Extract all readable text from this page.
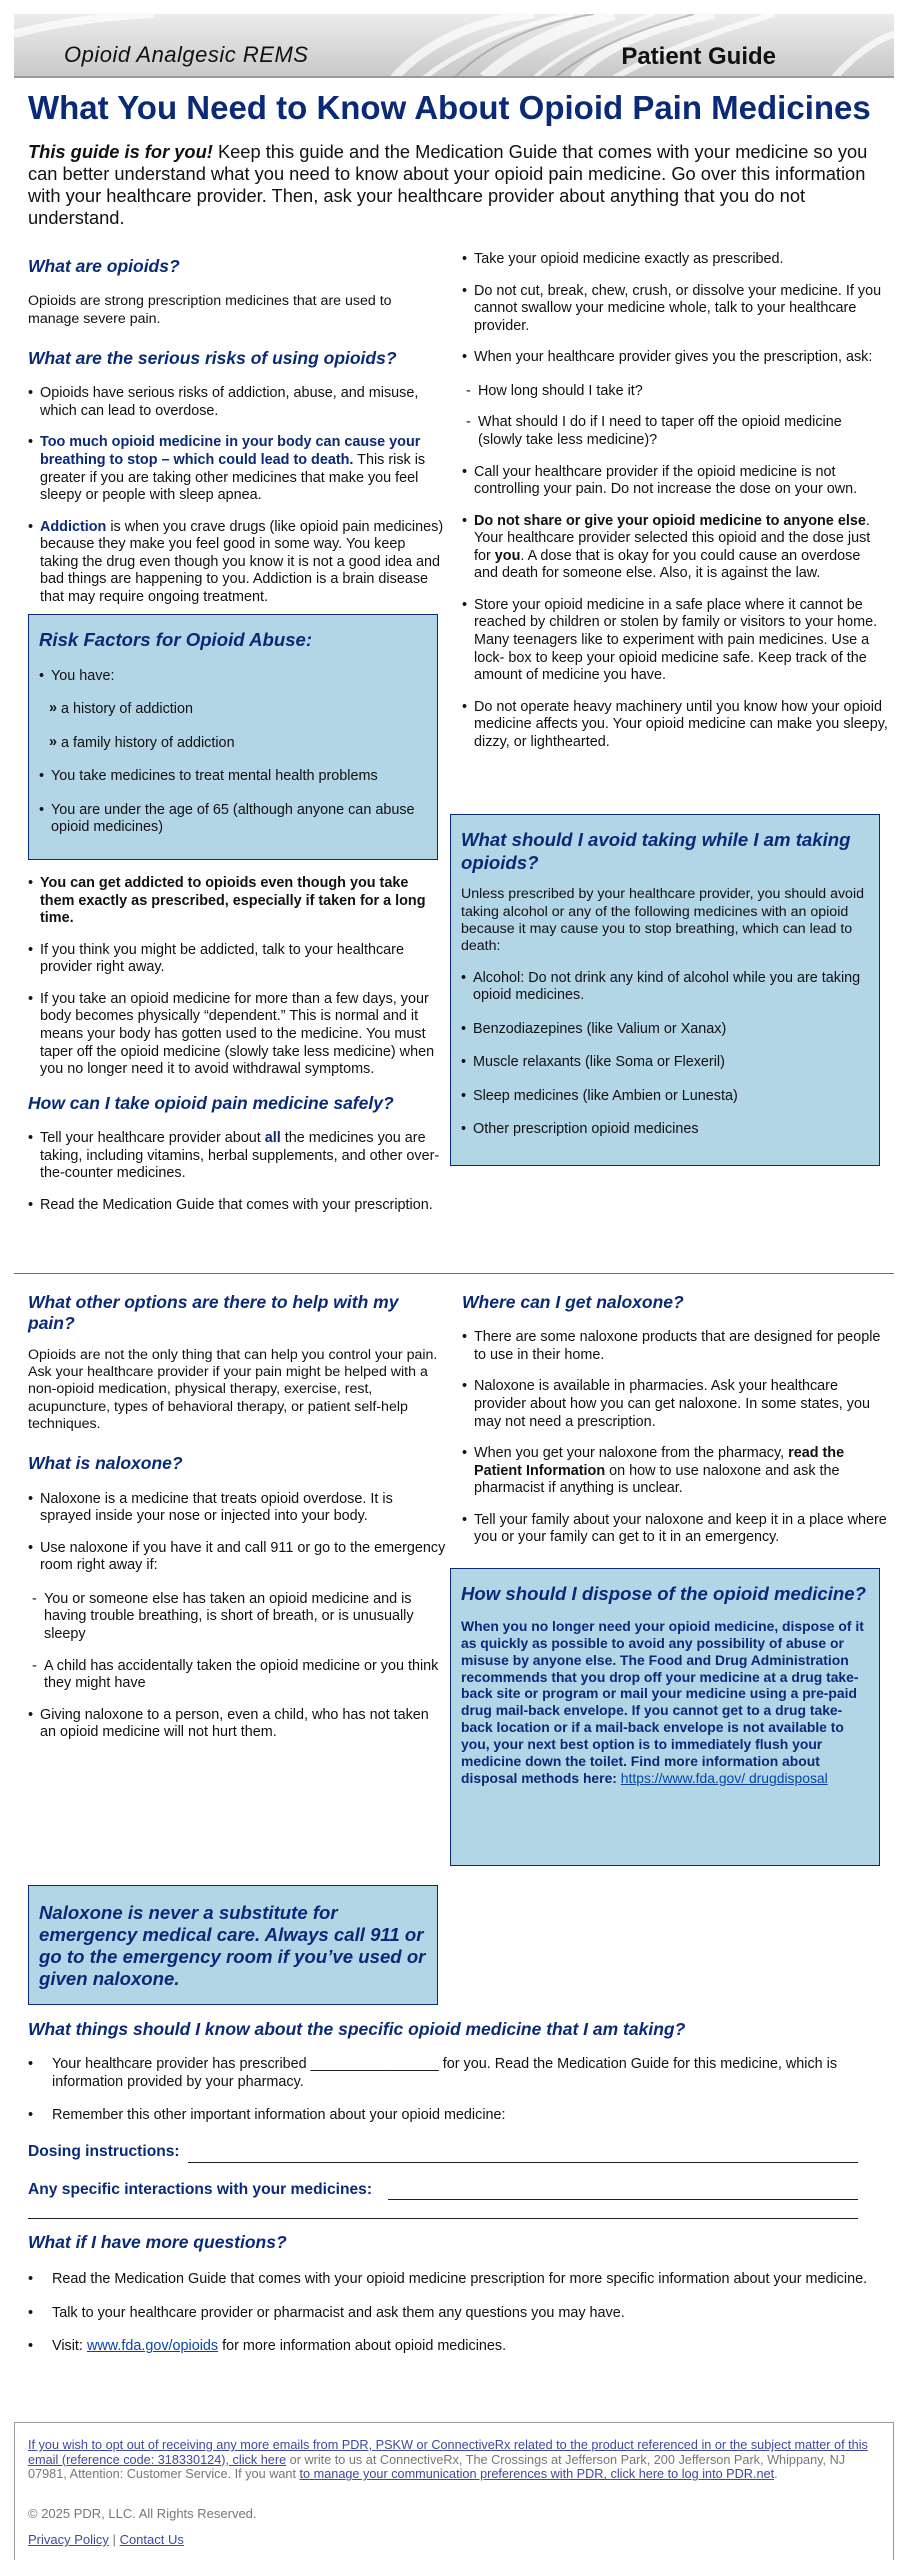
Opioid Analgesic REMS	Patient Guide
What You Need to Know About Opioid Pain Medicines
This guide is for you! Keep this guide and the Medication Guide that comes with your medicine so you can better understand what you need to know about your opioid pain medicine. Go over this information with your healthcare provider. Then, ask your healthcare provider about anything that you do not understand.
What are opioids?

Opioids are strong prescription medicines that are used to manage severe pain.

What are the serious risks of using opioids?
• Opioids have serious risks of addiction, abuse, and misuse, which can lead to overdose.
• Too much opioid medicine in your body can cause your breathing to stop – which could lead to death. This risk is greater if you are taking other medicines that make you feel sleepy or people with sleep apnea.
• Addiction is when you crave drugs (like opioid pain medicines) because they make you feel good in some way. You keep taking the drug even though you know it is not a good idea and bad things are happening to you. Addiction is a brain disease that may require ongoing treatment.
Risk Factors for Opioid Abuse:
• You have:
» a history of addiction
» a family history of addiction
• You take medicines to treat mental health problems
• You are under the age of 65 (although anyone can abuse opioid medicines)
• You can get addicted to opioids even though you take them exactly as prescribed, especially if taken for a long time.
• If you think you might be addicted, talk to your healthcare provider right away.
• If you take an opioid medicine for more than a few days, your body becomes physically “dependent.” This is normal and it means your body has gotten used to the medicine. You must taper off the opioid medicine (slowly take less medicine) when you no longer need it to avoid withdrawal symptoms.
How can I take opioid pain medicine safely?
• Tell your healthcare provider about all the medicines you are taking, including vitamins, herbal supplements, and other over-the-counter medicines.
• Read the Medication Guide that comes with your prescription.
• Take your opioid medicine exactly as prescribed.
• Do not cut, break, chew, crush, or dissolve your medicine. If you cannot swallow your medicine whole, talk to your healthcare provider.
• When your healthcare provider gives you the prescription, ask:
- How long should I take it?
- What should I do if I need to taper off the opioid medicine (slowly take less medicine)?
• Call your healthcare provider if the opioid medicine is not controlling your pain. Do not increase the dose on your own.
• Do not share or give your opioid medicine to anyone else. Your healthcare provider selected this opioid and the dose just for you. A dose that is okay for you could cause an overdose and death for someone else. Also, it is against the law.
• Store your opioid medicine in a safe place where it cannot be reached by children or stolen by family or visitors to your home. Many teenagers like to experiment with pain medicines. Use a lock- box to keep your opioid medicine safe. Keep track of the amount of medicine you have.
• Do not operate heavy machinery until you know how your opioid medicine affects you. Your opioid medicine can make you sleepy, dizzy, or lighthearted.
What should I avoid taking while I am taking opioids?

Unless prescribed by your healthcare provider, you should avoid taking alcohol or any of the following medicines with an opioid because it may cause you to stop breathing, which can lead to death:

• Alcohol: Do not drink any kind of alcohol while you are taking opioid medicines.
• Benzodiazepines (like Valium or Xanax)
• Muscle relaxants (like Soma or Flexeril)
• Sleep medicines (like Ambien or Lunesta)
• Other prescription opioid medicines
What other options are there to help with my pain?

Opioids are not the only thing that can help you control your pain. Ask your healthcare provider if your pain might be helped with a non-opioid medication, physical therapy, exercise, rest, acupuncture, types of behavioral therapy, or patient self-help techniques.

What is naloxone?
• Naloxone is a medicine that treats opioid overdose. It is sprayed inside your nose or injected into your body.
• Use naloxone if you have it and call 911 or go to the emergency room right away if:
- You or someone else has taken an opioid medicine and is having trouble breathing, is short of breath, or is unusually sleepy
- A child has accidentally taken the opioid medicine or you think they might have
• Giving naloxone to a person, even a child, who has not taken an opioid medicine will not hurt them.
Naloxone is never a substitute for emergency medical care. Always call 911 or go to the emergency room if you’ve used or given naloxone.
Where can I get naloxone?
• There are some naloxone products that are designed for people to use in their home.
• Naloxone is available in pharmacies. Ask your healthcare provider about how you can get naloxone. In some states, you may not need a prescription.
• When you get your naloxone from the pharmacy, read the Patient Information on how to use naloxone and ask the pharmacist if anything is unclear.
• Tell your family about your naloxone and keep it in a place where you or your family can get to it in an emergency.
How should I dispose of the opioid medicine?

When you no longer need your opioid medicine, dispose of it as quickly as possible to avoid any possibility of abuse or misuse by anyone else. The Food and Drug Administration recommends that you drop off your medicine at a drug take-back site or program or mail your medicine using a pre-paid drug mail-back envelope. If you cannot get to a drug take-back location or if a mail-back envelope is not available to you, your next best option is to immediately flush your medicine down the toilet. Find more information about disposal methods here: https://www.fda.gov/ drugdisposal

What things should I know about the specific opioid medicine that I am taking?
• Your healthcare provider has prescribed ________________ for you. Read the Medication Guide for this medicine, which is information provided by your pharmacy.
• Remember this other important information about your opioid medicine:
Dosing instructions:
Any specific interactions with your medicines:
What if I have more questions?
• Read the Medication Guide that comes with your opioid medicine prescription for more specific information about your medicine.
• Talk to your healthcare provider or pharmacist and ask them any questions you may have.
• Visit: www.fda.gov/opioids for more information about opioid medicines.
If you wish to opt out of receiving any more emails from PDR, PSKW or ConnectiveRx related to the product referenced in or the subject matter of this email (reference code: 318330124), click here or write to us at ConnectiveRx, The Crossings at Jefferson Park, 200 Jefferson Park, Whippany, NJ 07981, Attention: Customer Service. If you want to manage your communication preferences with PDR, click here to log into PDR.net.
© 2025 PDR, LLC. All Rights Reserved.
Privacy Policy | Contact Us
